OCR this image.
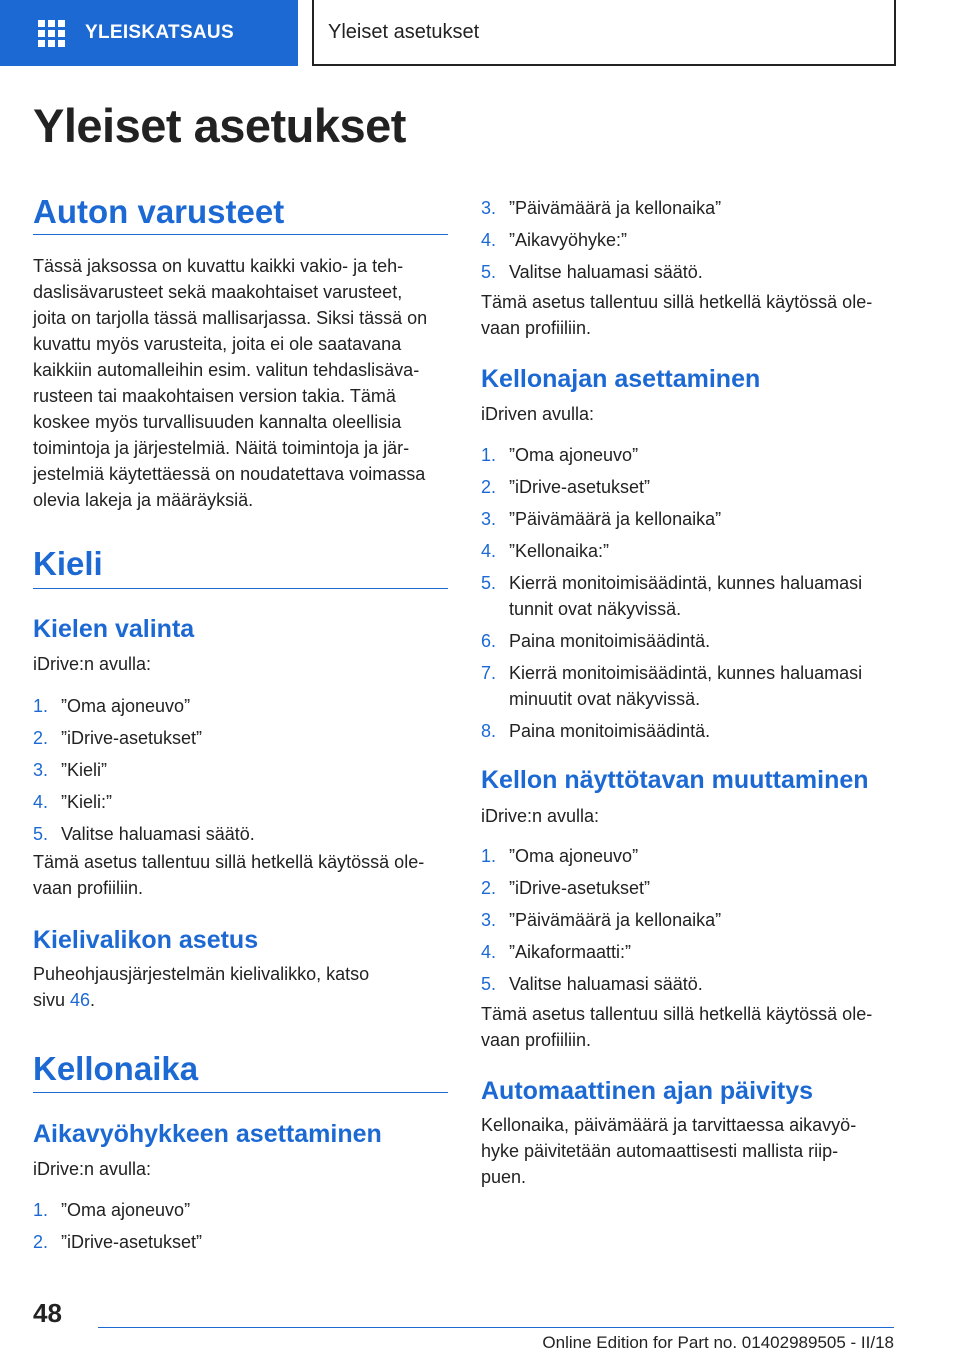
YLEISKATSAUS	Yleiset asetukset
Yleiset asetukset
Auton varusteet
Tässä jaksossa on kuvattu kaikki vakio- ja teh-
daslisävarusteet sekä maakohtaiset varusteet,
joita on tarjolla tässä mallisarjassa. Siksi tässä on
kuvattu myös varusteita, joita ei ole saatavana
kaikkiin automalleihin esim. valitun tehdaslisäva-
rusteen tai maakohtaisen version takia. Tämä
koskee myös turvallisuuden kannalta oleellisia
toimintoja ja järjestelmiä. Näitä toimintoja ja jär-
jestelmiä käytettäessä on noudatettava voimassa
olevia lakeja ja määräyksiä.
Kieli
Kielen valinta
iDrive:n avulla:
1. ”Oma ajoneuvo”
2. ”iDrive-asetukset”
3. ”Kieli”
4. ”Kieli:”
5. Valitse haluamasi säätö.
Tämä asetus tallentuu sillä hetkellä käytössä ole-
vaan profiiliin.
Kielivalikon asetus
Puheohjausjärjestelmän kielivalikko, katso
sivu 46.
Kellonaika
Aikavyöhykkeen asettaminen
iDrive:n avulla:
1. ”Oma ajoneuvo”
2. ”iDrive-asetukset”
3. ”Päivämäärä ja kellonaika”
4. ”Aikavyöhyke:”
5. Valitse haluamasi säätö.
Tämä asetus tallentuu sillä hetkellä käytössä ole-
vaan profiiliin.
Kellonajan asettaminen
iDriven avulla:
1. ”Oma ajoneuvo”
2. ”iDrive-asetukset”
3. ”Päivämäärä ja kellonaika”
4. ”Kellonaika:”
5. Kierrä monitoimisäädintä, kunnes haluamasi
tunnit ovat näkyvissä.
6. Paina monitoimisäädintä.
7. Kierrä monitoimisäädintä, kunnes haluamasi
minuutit ovat näkyvissä.
8. Paina monitoimisäädintä.
Kellon näyttötavan muuttaminen
iDrive:n avulla:
1. ”Oma ajoneuvo”
2. ”iDrive-asetukset”
3. ”Päivämäärä ja kellonaika”
4. ”Aikaformaatti:”
5. Valitse haluamasi säätö.
Tämä asetus tallentuu sillä hetkellä käytössä ole-
vaan profiiliin.
Automaattinen ajan päivitys
Kellonaika, päivämäärä ja tarvittaessa aikavyö-
hyke päivitetään automaattisesti mallista riip-
puen.
48
Online Edition for Part no. 01402989505 - II/18
